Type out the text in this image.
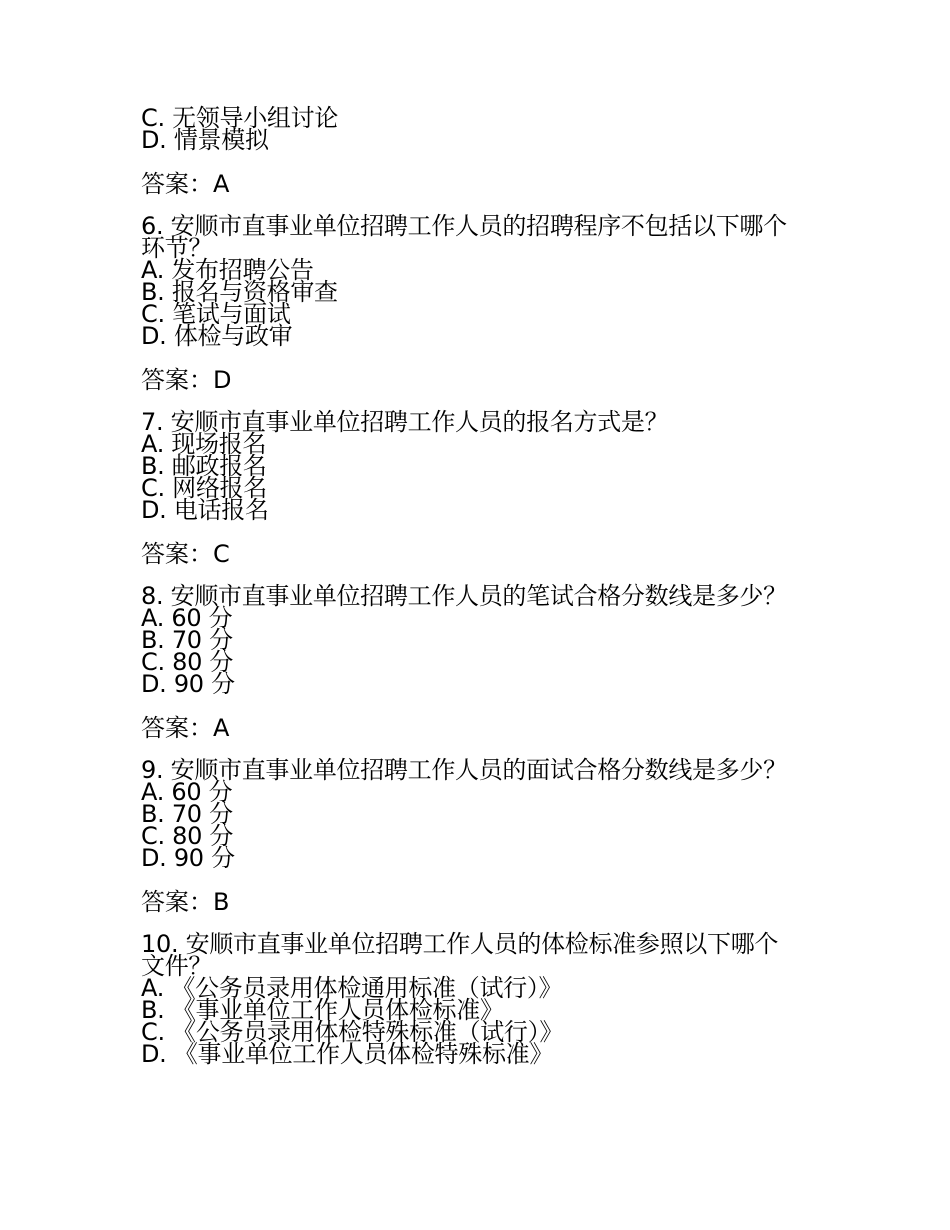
C. 无领导小组讨论
D. 情景模拟
答案：A
6. 安顺市直事业单位招聘工作人员的招聘程序不包括以下哪个环节？
A. 发布招聘公告
B. 报名与资格审查
C. 笔试与面试
D. 体检与政审
答案：D
7. 安顺市直事业单位招聘工作人员的报名方式是？
A. 现场报名
B. 邮政报名
C. 网络报名
D. 电话报名
答案：C
8. 安顺市直事业单位招聘工作人员的笔试合格分数线是多少？
A. 60 分
B. 70 分
C. 80 分
D. 90 分
答案：A
9. 安顺市直事业单位招聘工作人员的面试合格分数线是多少？
A. 60 分
B. 70 分
C. 80 分
D. 90 分
答案：B
10. 安顺市直事业单位招聘工作人员的体检标准参照以下哪个文件？
A. 《公务员录用体检通用标准（试行）》
B. 《事业单位工作人员体检标准》
C. 《公务员录用体检特殊标准（试行）》
D. 《事业单位工作人员体检特殊标准》
